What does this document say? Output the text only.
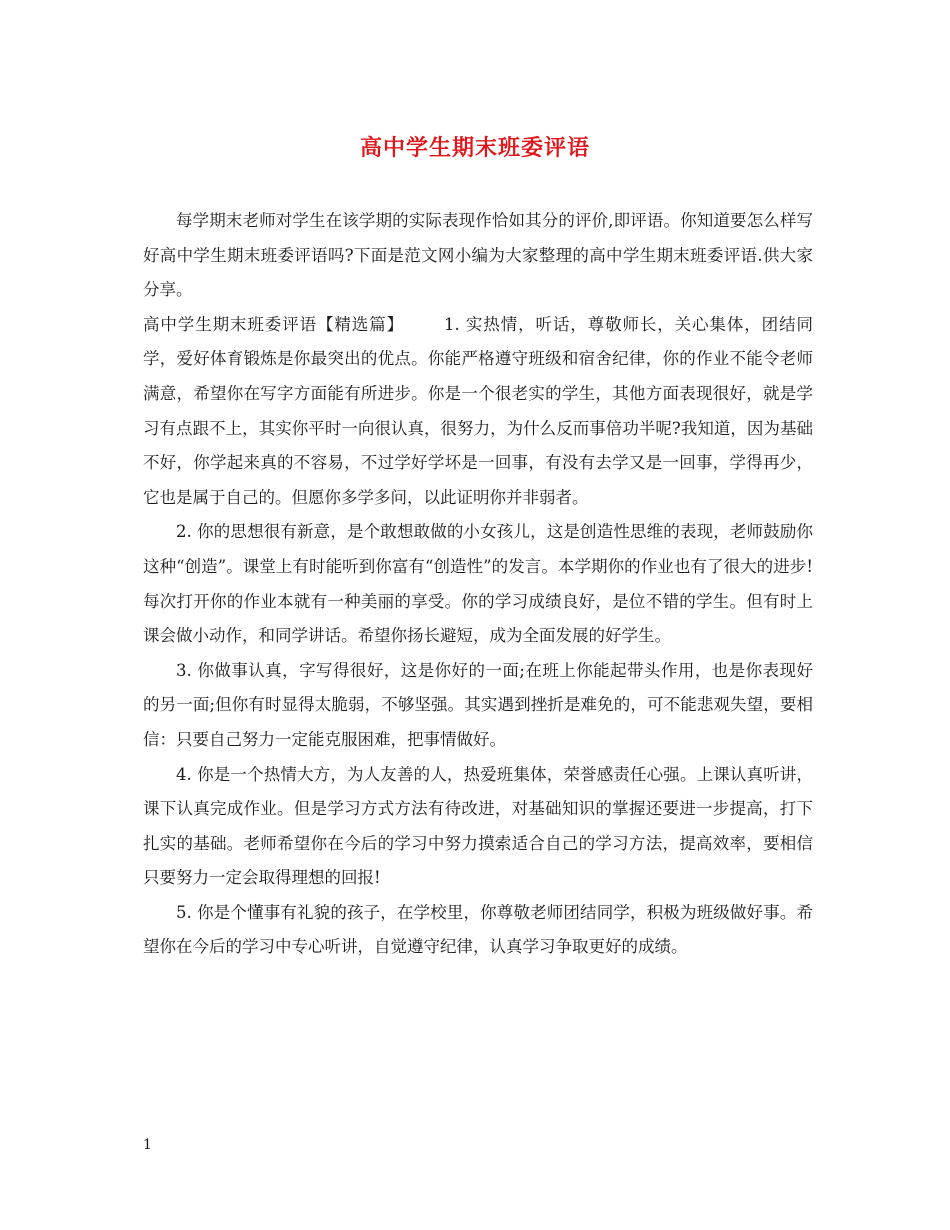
高中学生期末班委评语

每学期末老师对学生在该学期的实际表现作恰如其分的评价,即评语。你知道要怎么样写好高中学生期末班委评语吗?下面是范文网小编为大家整理的高中学生期末班委评语.供大家分享。

高中学生期末班委评语【精选篇】 1. 实热情，听话，尊敬师长，关心集体，团结同学，爱好体育锻炼是你最突出的优点。你能严格遵守班级和宿舍纪律，你的作业不能令老师满意，希望你在写字方面能有所进步。你是一个很老实的学生，其他方面表现很好，就是学习有点跟不上，其实你平时一向很认真，很努力，为什么反而事倍功半呢?我知道，因为基础不好，你学起来真的不容易，不过学好学坏是一回事，有没有去学又是一回事，学得再少，它也是属于自己的。但愿你多学多问，以此证明你并非弱者。

2. 你的思想很有新意，是个敢想敢做的小女孩儿，这是创造性思维的表现，老师鼓励你这种“创造”。课堂上有时能听到你富有“创造性”的发言。本学期你的作业也有了很大的进步!每次打开你的作业本就有一种美丽的享受。你的学习成绩良好，是位不错的学生。但有时上课会做小动作，和同学讲话。希望你扬长避短，成为全面发展的好学生。

3. 你做事认真，字写得很好，这是你好的一面;在班上你能起带头作用，也是你表现好的另一面;但你有时显得太脆弱，不够坚强。其实遇到挫折是难免的，可不能悲观失望，要相信：只要自己努力一定能克服困难，把事情做好。

4. 你是一个热情大方，为人友善的人，热爱班集体，荣誉感责任心强。上课认真听讲，课下认真完成作业。但是学习方式方法有待改进，对基础知识的掌握还要进一步提高，打下扎实的基础。老师希望你在今后的学习中努力摸索适合自己的学习方法，提高效率，要相信只要努力一定会取得理想的回报!

5. 你是个懂事有礼貌的孩子，在学校里，你尊敬老师团结同学，积极为班级做好事。希望你在今后的学习中专心听讲，自觉遵守纪律，认真学习争取更好的成绩。

1
